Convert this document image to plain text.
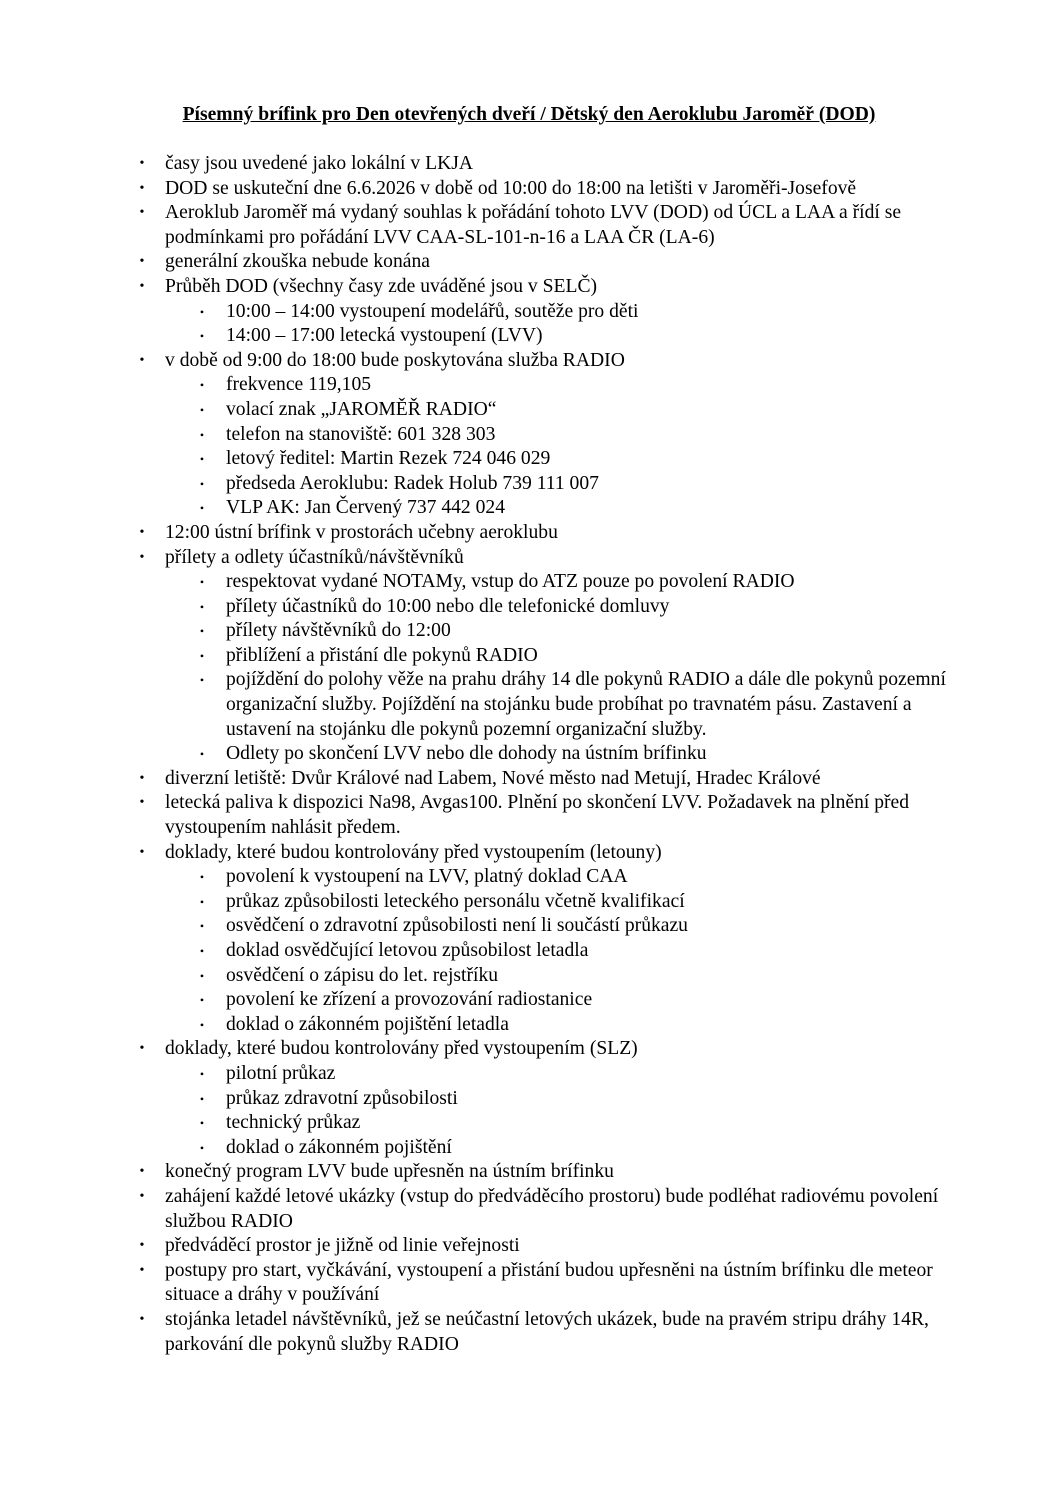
Písemný brífink pro Den otevřených dveří / Dětský den Aeroklubu Jaroměř (DOD)
• časy jsou uvedené jako lokální v LKJA
• DOD se uskuteční dne 6.6.2026 v době od 10:00 do 18:00 na letišti v Jaroměři-Josefově
• Aeroklub Jaroměř má vydaný souhlas k pořádání tohoto LVV (DOD) od ÚCL a LAA a řídí se podmínkami pro pořádání LVV CAA-SL-101-n-16 a LAA ČR (LA-6)
• generální zkouška nebude konána
• Průběh DOD (všechny časy zde uváděné jsou v SELČ)
• 10:00 – 14:00 vystoupení modelářů, soutěže pro děti
• 14:00 – 17:00 letecká vystoupení (LVV)
• v době od 9:00 do 18:00 bude poskytována služba RADIO
• frekvence 119,105
• volací znak „JAROMĚŘ RADIO“
• telefon na stanoviště: 601 328 303
• letový ředitel: Martin Rezek 724 046 029
• předseda Aeroklubu: Radek Holub 739 111 007
• VLP AK: Jan Červený 737 442 024
• 12:00 ústní brífink v prostorách učebny aeroklubu
• přílety a odlety účastníků/návštěvníků
• respektovat vydané NOTAMy, vstup do ATZ pouze po povolení RADIO
• přílety účastníků do 10:00 nebo dle telefonické domluvy
• přílety návštěvníků do 12:00
• přiblížení a přistání dle pokynů RADIO
• pojíždění do polohy věže na prahu dráhy 14 dle pokynů RADIO a dále dle pokynů pozemní organizační služby. Pojíždění na stojánku bude probíhat po travnatém pásu. Zastavení a ustavení na stojánku dle pokynů pozemní organizační služby.
• Odlety po skončení LVV nebo dle dohody na ústním brífinku
• diverzní letiště: Dvůr Králové nad Labem, Nové město nad Metují, Hradec Králové
• letecká paliva k dispozici Na98, Avgas100. Plnění po skončení LVV. Požadavek na plnění před vystoupením nahlásit předem.
• doklady, které budou kontrolovány před vystoupením (letouny)
• povolení k vystoupení na LVV, platný doklad CAA
• průkaz způsobilosti leteckého personálu včetně kvalifikací
• osvědčení o zdravotní způsobilosti není li součástí průkazu
• doklad osvědčující letovou způsobilost letadla
• osvědčení o zápisu do let. rejstříku
• povolení ke zřízení a provozování radiostanice
• doklad o zákonném pojištění letadla
• doklady, které budou kontrolovány před vystoupením (SLZ)
• pilotní průkaz
• průkaz zdravotní způsobilosti
• technický průkaz
• doklad o zákonném pojištění
• konečný program LVV bude upřesněn na ústním brífinku
• zahájení každé letové ukázky (vstup do předváděcího prostoru) bude podléhat radiovému povolení službou RADIO
• předváděcí prostor je jižně od linie veřejnosti
• postupy pro start, vyčkávání, vystoupení a přistání budou upřesněni na ústním brífinku dle meteor situace a dráhy v používání
• stojánka letadel návštěvníků, jež se neúčastní letových ukázek, bude na pravém stripu dráhy 14R, parkování dle pokynů služby RADIO
